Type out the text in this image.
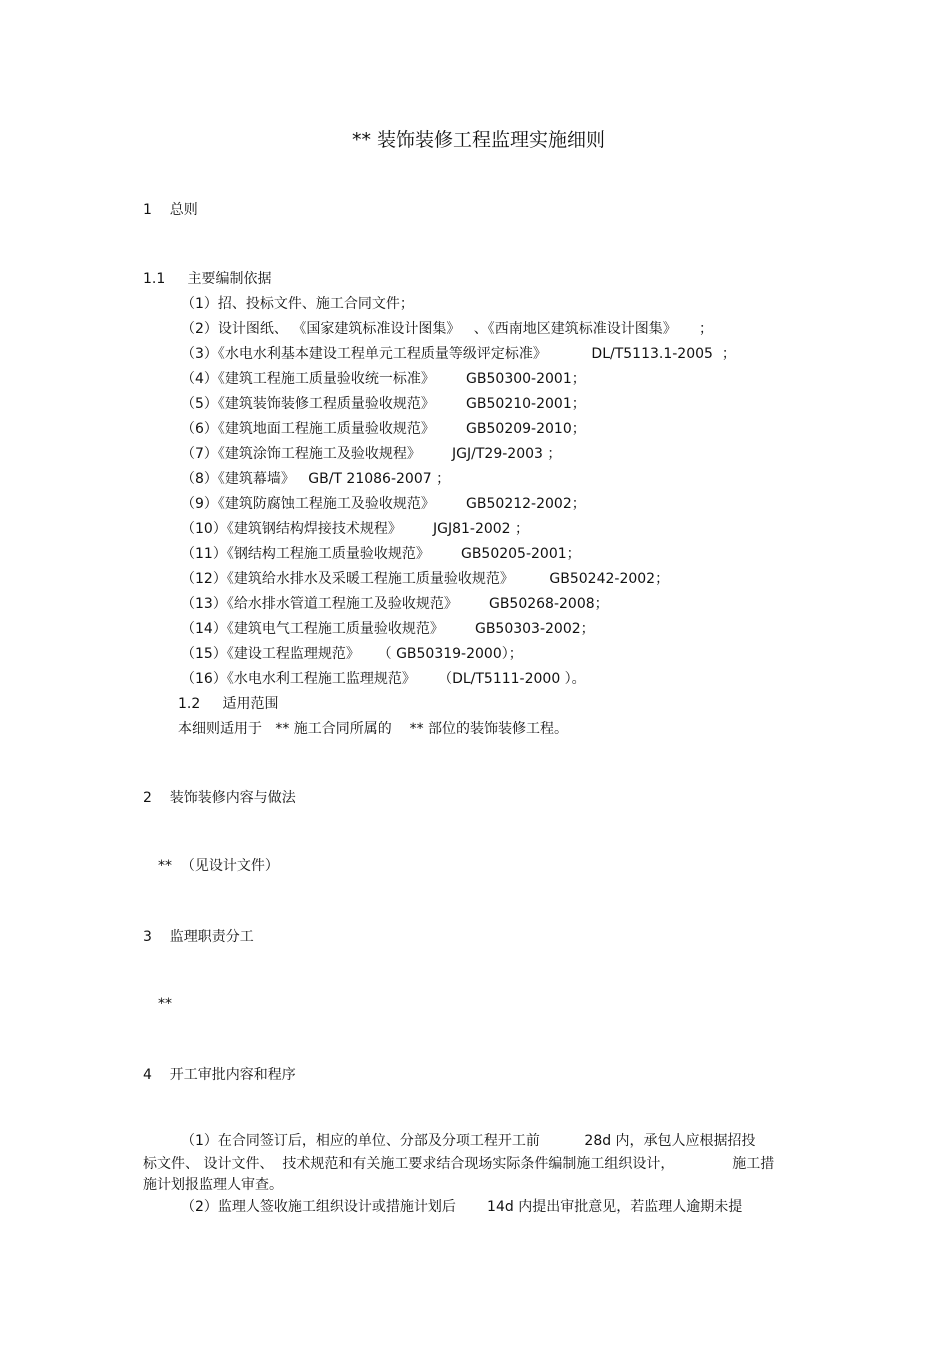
** 装饰装修工程监理实施细则
1    总则
1.1     主要编制依据
（1）招、投标文件、施工合同文件；
（2）设计图纸、 《国家建筑标准设计图集》   、《西南地区建筑标准设计图集》     ；
（3）《水电水利基本建设工程单元工程质量等级评定标准》          DL/T5113.1-2005  ；
（4）《建筑工程施工质量验收统一标准》       GB50300-2001；
（5）《建筑装饰装修工程质量验收规范》       GB50210-2001；
（6）《建筑地面工程施工质量验收规范》       GB50209-2010；
（7）《建筑涂饰工程施工及验收规程》       JGJ/T29-2003 ；
（8）《建筑幕墙》   GB/T 21086-2007 ；
（9）《建筑防腐蚀工程施工及验收规范》       GB50212-2002；
（10）《建筑钢结构焊接技术规程》       JGJ81-2002 ；
（11）《钢结构工程施工质量验收规范》       GB50205-2001；
（12）《建筑给水排水及采暖工程施工质量验收规范》        GB50242-2002；
（13）《给水排水管道工程施工及验收规范》       GB50268-2008；
（14）《建筑电气工程施工质量验收规范》       GB50303-2002；
（15）《建设工程监理规范》    （ GB50319-2000）；
（16）《水电水利工程施工监理规范》     （DL/T5111-2000 ）。
1.2     适用范围
本细则适用于   ** 施工合同所属的    ** 部位的装饰装修工程。
2    装饰装修内容与做法
**  （见设计文件）
3    监理职责分工
**
4    开工审批内容和程序
（1）在合同签订后，相应的单位、分部及分项工程开工前          28d 内，承包人应根据招投
标文件、 设计文件、  技术规范和有关施工要求结合现场实际条件编制施工组织设计，             施工措
施计划报监理人审查。
（2）监理人签收施工组织设计或措施计划后       14d 内提出审批意见，若监理人逾期未提
